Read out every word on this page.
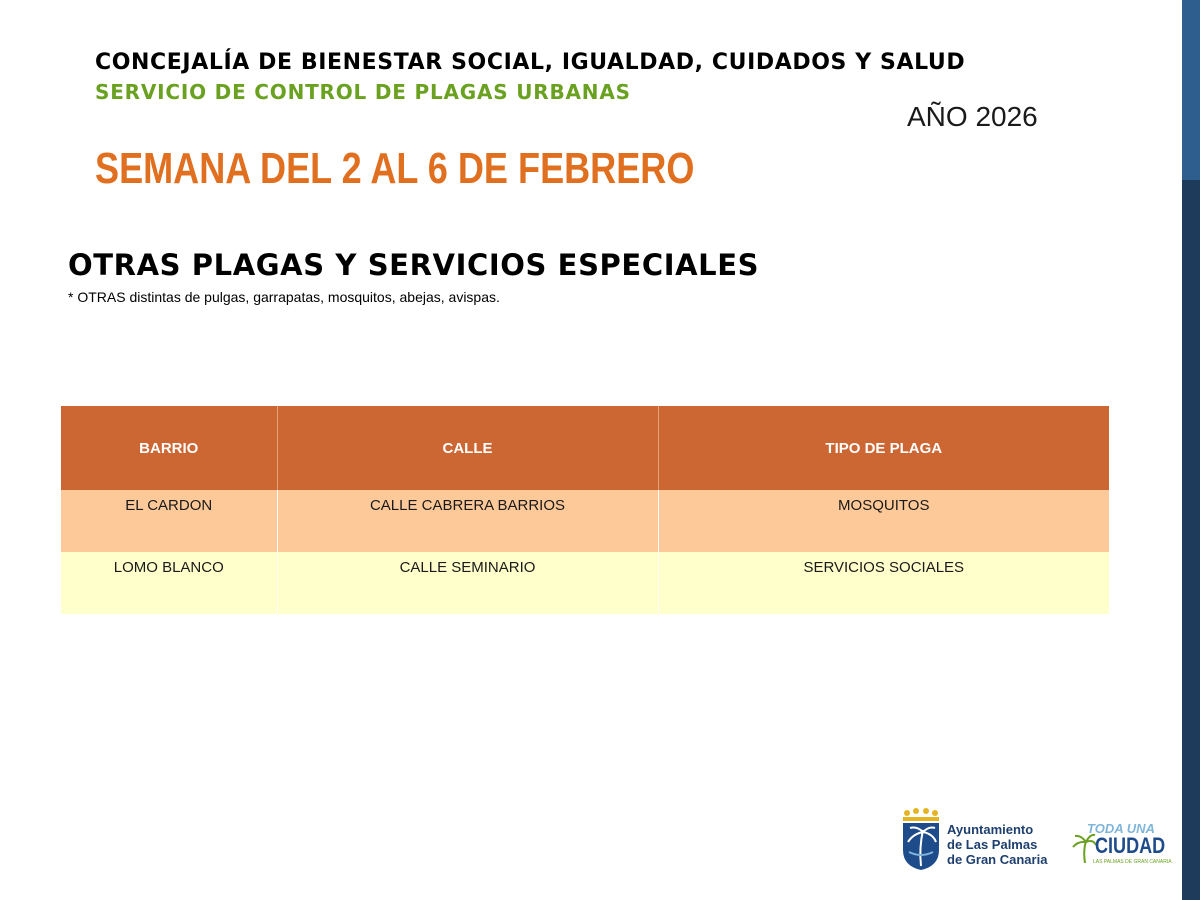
CONCEJALÍA DE BIENESTAR SOCIAL, IGUALDAD, CUIDADOS Y SALUD
SERVICIO DE CONTROL DE PLAGAS URBANAS
AÑO 2026
SEMANA DEL 2 AL 6 DE FEBRERO
OTRAS PLAGAS Y SERVICIOS ESPECIALES
* OTRAS distintas de pulgas, garrapatas, mosquitos, abejas, avispas.
BARRIO	CALLE	TIPO DE PLAGA
EL CARDON	CALLE CABRERA BARRIOS	MOSQUITOS
LOMO BLANCO	CALLE SEMINARIO	SERVICIOS SOCIALES
Ayuntamiento
de Las Palmas
de Gran Canaria
TODA UNA
CIUDAD
LAS PALMAS DE GRAN CANARIA
